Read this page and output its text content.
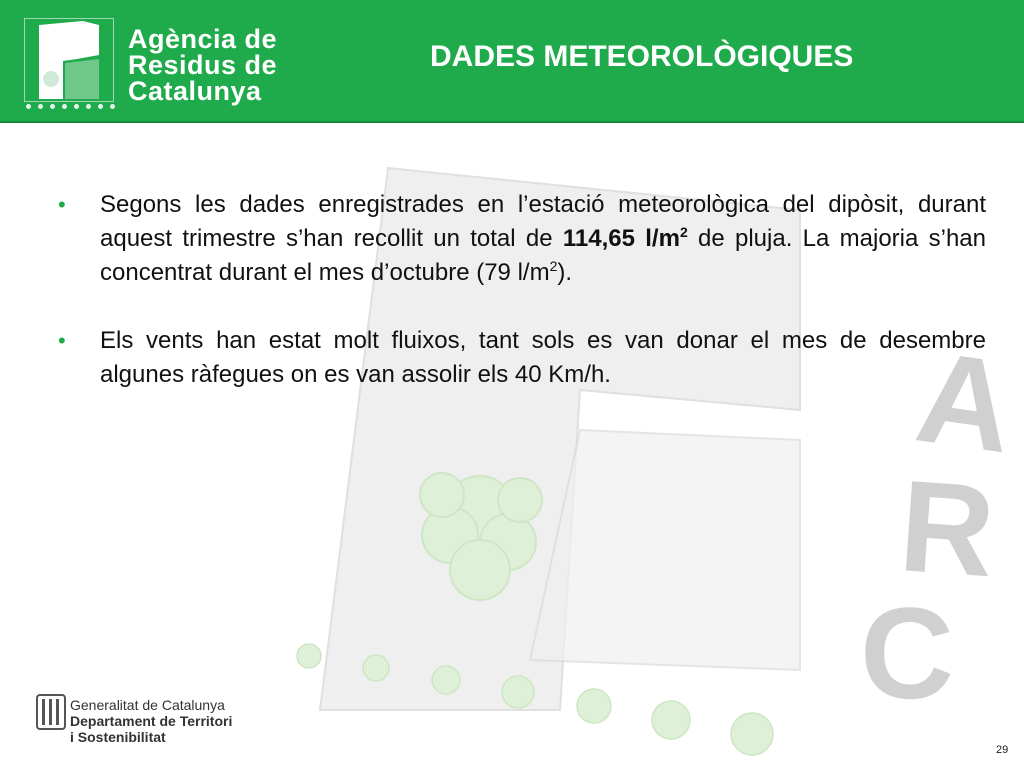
Agència de
Residus de
Catalunya
DADES METEOROLÒGIQUES
A
R
C
•	Segons les dades enregistrades en l’estació meteorològica del dipòsit, durant aquest trimestre s’han recollit un total de 114,65 $l/m^2$ de pluja. La majoria s’han concentrat durant el mes d’octubre (79 $l/m^2$).
•	Els vents han estat molt fluixos, tant sols es van donar el mes de desembre algunes ràfegues on es van assolir els 40 Km/h.
Generalitat de Catalunya
Departament de Territori
i Sostenibilitat
29
